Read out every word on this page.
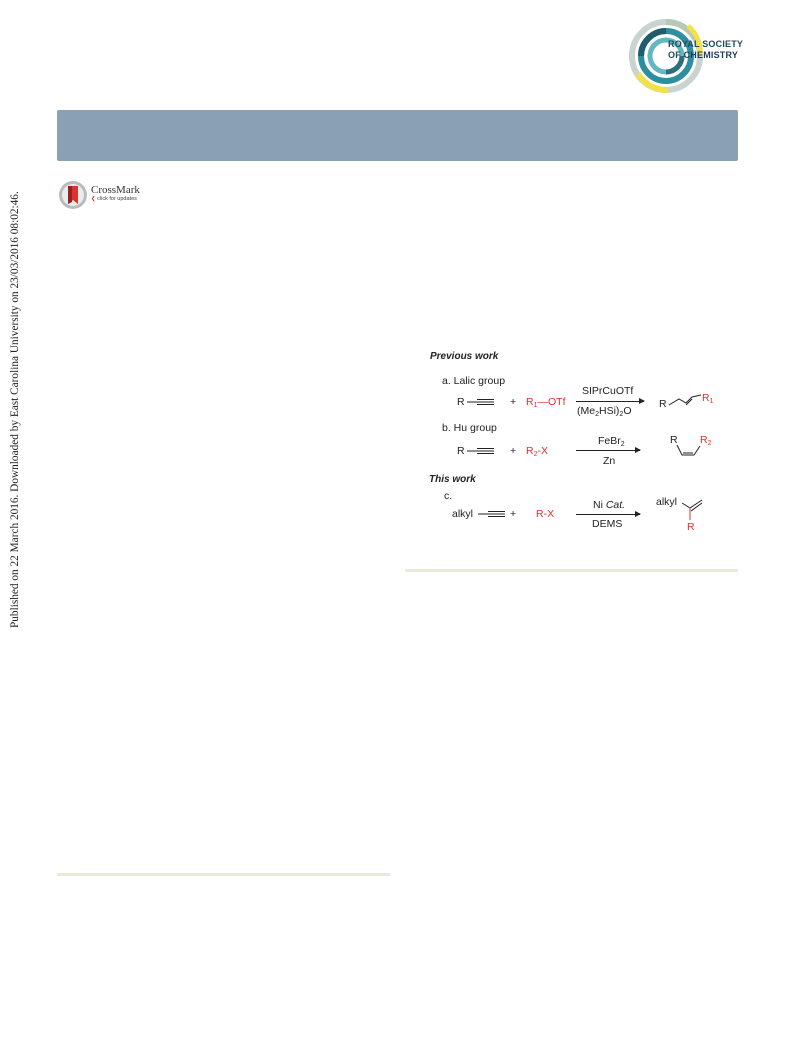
ROYAL SOCIETY
OF CHEMISTRY
CrossMark
❮ click for updates
Published on 22 March 2016. Downloaded by East Carolina University on 23/03/2016 08:02:46.	Previous work
a. Lalic group
R	+ $R_1—OTf$
SIPrCuOTf
$(Me_2HSi)_2O$
R	$R_1$
b. Hu group
R	+ $R_2-X$
FeBr$_2$
Zn
R $R_2$
This work
c.
alkyl	+ R-X
Ni Cat.
DEMS
alkyl
R
